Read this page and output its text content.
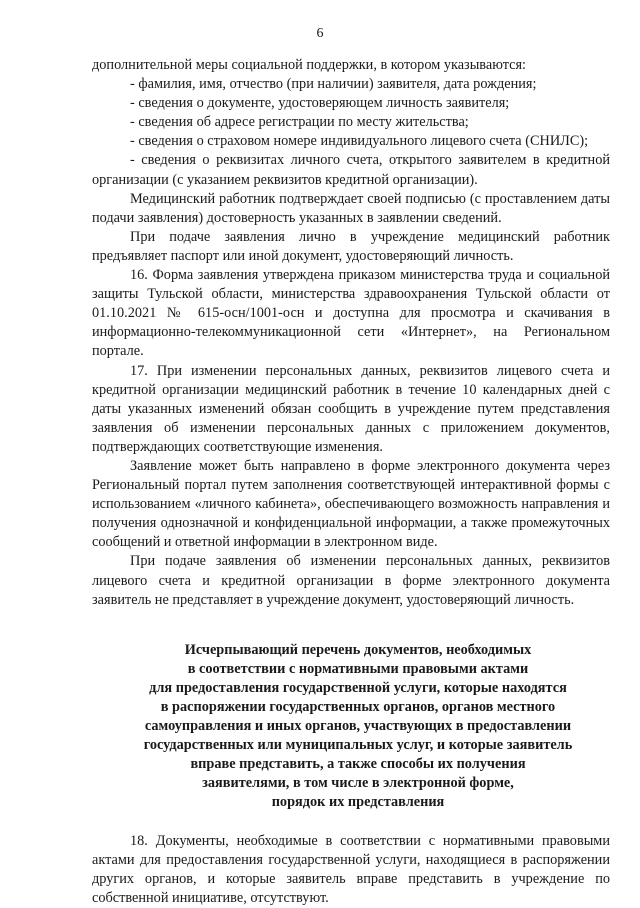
6

дополнительной меры социальной поддержки, в котором указываются:

- фамилия, имя, отчество (при наличии) заявителя, дата рождения;

- сведения о документе, удостоверяющем личность заявителя;

- сведения об адресе регистрации по месту жительства;

- сведения о страховом номере индивидуального лицевого счета (СНИЛС);

- сведения о реквизитах личного счета, открытого заявителем в кредитной организации (с указанием реквизитов кредитной организации).

Медицинский работник подтверждает своей подписью (с проставлением даты подачи заявления) достоверность указанных в заявлении сведений.

При подаче заявления лично в учреждение медицинский работник предъявляет паспорт или иной документ, удостоверяющий личность.

16. Форма заявления утверждена приказом министерства труда и социальной защиты Тульской области, министерства здравоохранения Тульской области от 01.10.2021 № 615-осн/1001-осн и доступна для просмотра и скачивания в информационно-телекоммуникационной сети «Интернет», на Региональном портале.

17. При изменении персональных данных, реквизитов лицевого счета и кредитной организации медицинский работник в течение 10 календарных дней с даты указанных изменений обязан сообщить в учреждение путем представления заявления об изменении персональных данных с приложением документов, подтверждающих соответствующие изменения.

Заявление может быть направлено в форме электронного документа через Региональный портал путем заполнения соответствующей интерактивной формы с использованием «личного кабинета», обеспечивающего возможность направления и получения однозначной и конфиденциальной информации, а также промежуточных сообщений и ответной информации в электронном виде.

При подаче заявления об изменении персональных данных, реквизитов лицевого счета и кредитной организации в форме электронного документа заявитель не представляет в учреждение документ, удостоверяющий личность.

Исчерпывающий перечень документов, необходимых
в соответствии с нормативными правовыми актами
для предоставления государственной услуги, которые находятся
в распоряжении государственных органов, органов местного
самоуправления и иных органов, участвующих в предоставлении
государственных или муниципальных услуг, и которые заявитель
вправе представить, а также способы их получения
заявителями, в том числе в электронной форме,
порядок их представления

18. Документы, необходимые в соответствии с нормативными правовыми актами для предоставления государственной услуги, находящиеся в распоряжении других органов, и которые заявитель вправе представить в учреждение по собственной инициативе, отсутствуют.
